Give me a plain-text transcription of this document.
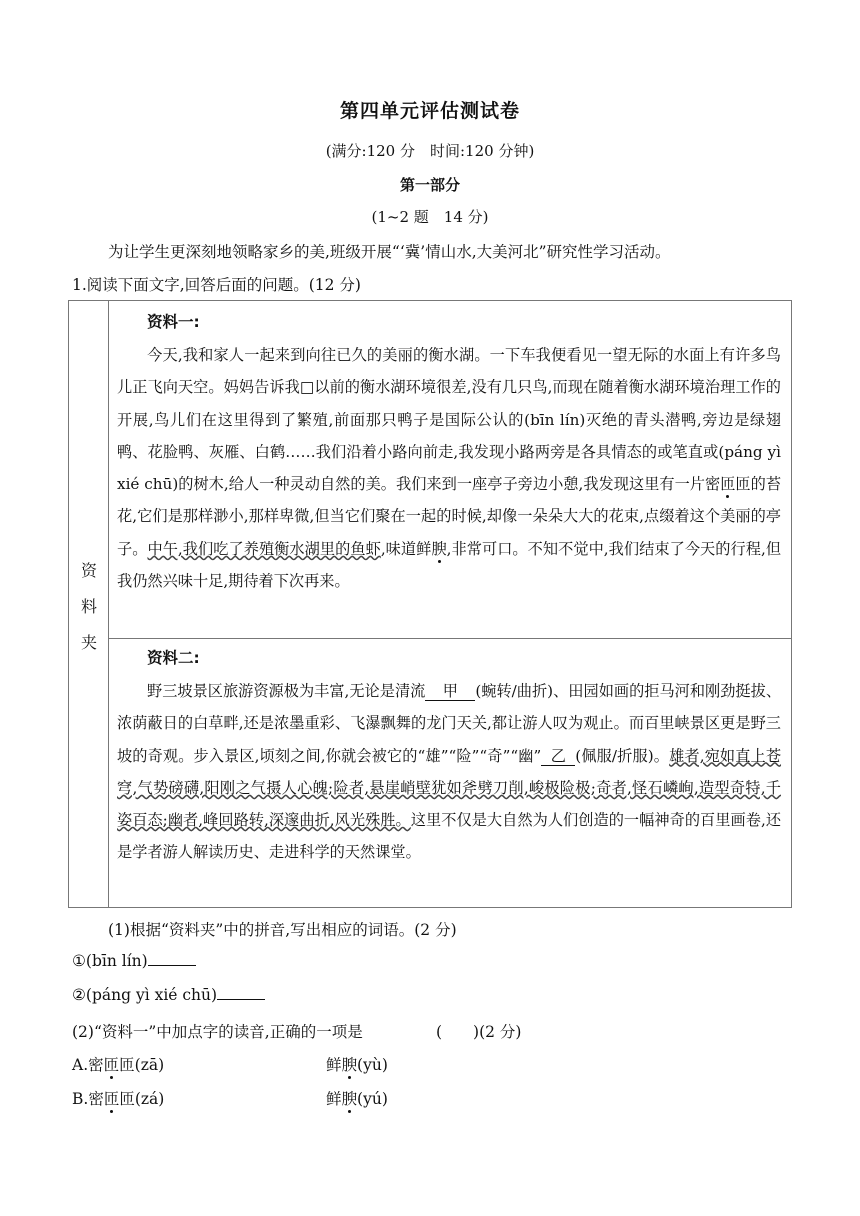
第四单元评估测试卷
(满分:120 分　时间:120 分钟)
第一部分
(1~2 题　14 分)
为让学生更深刻地领略家乡的美,班级开展“‘冀’情山水,大美河北”研究性学习活动。
1.阅读下面文字,回答后面的问题。(12 分)
资
料
夹
资料一:
今天,我和家人一起来到向往已久的美丽的衡水湖。一下车我便看见一望无际的水面上有许多鸟儿正飞向天空。妈妈告诉我□以前的衡水湖环境很差,没有几只鸟,而现在随着衡水湖环境治理工作的开展,鸟儿们在这里得到了繁殖,前面那只鸭子是国际公认的(bīn lín)灭绝的青头潜鸭,旁边是绿翅鸭、花脸鸭、灰雁、白鹤……我们沿着小路向前走,我发现小路两旁是各具情态的或笔直或(páng yì xié chū)的树木,给人一种灵动自然的美。我们来到一座亭子旁边小憩,我发现这里有一片密匝匝的苔花,它们是那样渺小,那样卑微,但当它们聚在一起的时候,却像一朵朵大大的花束,点缀着这个美丽的亭子。中午,我们吃了养殖衡水湖里的鱼虾,味道鲜腴,非常可口。不知不觉中,我们结束了今天的行程,但我仍然兴味十足,期待着下次再来。
资料二:
野三坡景区旅游资源极为丰富,无论是清流 甲 (蜿转/曲折)、田园如画的拒马河和刚劲挺拔、浓荫蔽日的白草畔,还是浓墨重彩、飞瀑飘舞的龙门天关,都让游人叹为观止。而百里峡景区更是野三坡的奇观。步入景区,顷刻之间,你就会被它的“雄”“险”“奇”“幽” 乙 (佩服/折服)。雄者,宛如直上苍穹,气势磅礴,阳刚之气摄人心魄;险者,悬崖峭壁犹如斧劈刀削,峻极险极;奇者,怪石嶙峋,造型奇特,千姿百态;幽者,峰回路转,深邃曲折,风光殊胜。这里不仅是大自然为人们创造的一幅神奇的百里画卷,还是学者游人解读历史、走进科学的天然课堂。
(1)根据“资料夹”中的拼音,写出相应的词语。(2 分)
①(bīn lín)
②(páng yì xié chū)
(2)“资料一”中加点字的读音,正确的一项是	(　　)(2 分)
A.密匝匝(zā)	鲜腴(yù)
B.密匝匝(zá)	鲜腴(yú)
